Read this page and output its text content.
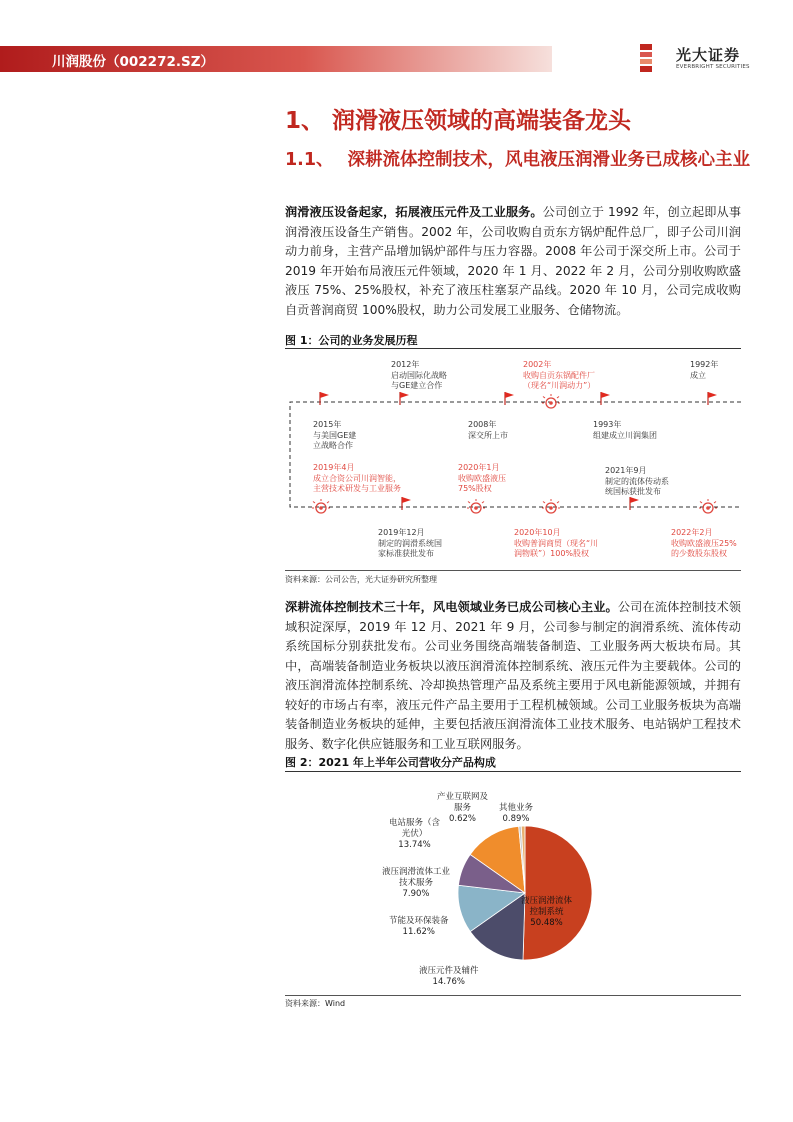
川润股份（002272.SZ）	光大证券
EVERBRIGHT SECURITIES
1、 润滑液压领域的高端装备龙头
1.1、 深耕流体控制技术，风电液压润滑业务已成核心主业

润滑液压设备起家，拓展液压元件及工业服务。公司创立于 1992 年，创立起即从事润滑液压设备生产销售。2002 年，公司收购自贡东方锅炉配件总厂，即子公司川润动力前身，主营产品增加锅炉部件与压力容器。2008 年公司于深交所上市。公司于 2019 年开始布局液压元件领域，2020 年 1 月、2022 年 2 月，公司分别收购欧盛液压 75%、25%股权，补充了液压柱塞泵产品线。2020 年 10 月，公司完成收购自贡普润商贸 100%股权，助力公司发展工业服务、仓储物流。

图 1：公司的业务发展历程
1992年
成立
2002年
收购自贡东锅配件厂
（现名“川润动力”）
2012年
启动国际化战略
与GE建立合作
2015年
与美国GE建
立战略合作
2008年
深交所上市
1993年
组建成立川润集团
2019年4月
成立合资公司川润智能，
主营技术研发与工业服务
2020年1月
收购欧盛液压
75%股权
2021年9月
制定的流体传动系
统国标获批发布
2019年12月
制定的润滑系统国
家标准获批发布
2020年10月
收购普润商贸（现名“川
润物联”）100%股权
2022年2月
收购欧盛液压25%
的少数股东股权
资料来源：公司公告，光大证券研究所整理

深耕流体控制技术三十年，风电领域业务已成公司核心主业。公司在流体控制技术领域积淀深厚，2019 年 12 月、2021 年 9 月，公司参与制定的润滑系统、流体传动系统国标分别获批发布。公司业务围绕高端装备制造、工业服务两大板块布局。其中，高端装备制造业务板块以液压润滑流体控制系统、液压元件为主要载体。公司的液压润滑流体控制系统、冷却换热管理产品及系统主要用于风电新能源领域，并拥有较好的市场占有率，液压元件产品主要用于工程机械领域。公司工业服务板块为高端装备制造业务板块的延伸，主要包括液压润滑流体工业技术服务、电站锅炉工程技术服务、数字化供应链服务和工业互联网服务。

图 2：2021 年上半年公司营收分产品构成
液压润滑流体
控制系统
50.48%
液压元件及辅件
14.76%
节能及环保装备
11.62%
液压润滑流体工业
技术服务
7.90%
电站服务（含
光伏）
13.74%
产业互联网及
服务
0.62%
其他业务
0.89%
资料来源：Wind
